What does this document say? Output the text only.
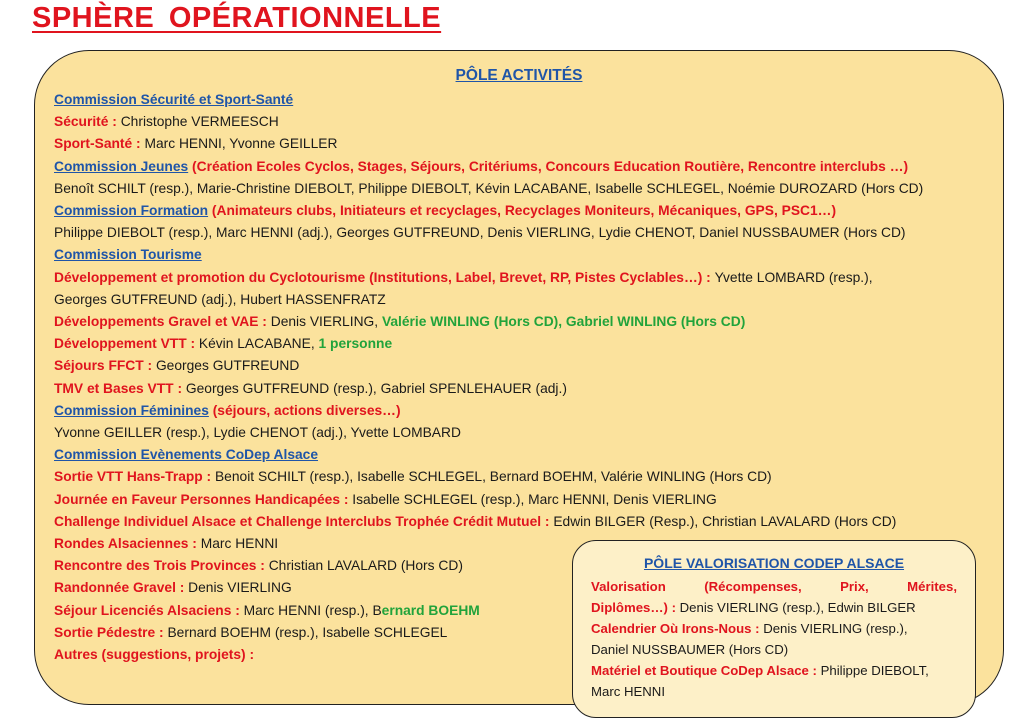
SPHÈRE OPÉRATIONNELLE
PÔLE ACTIVITÉS
Commission Sécurité et Sport-Santé
Sécurité : Christophe VERMEESCH
Sport-Santé : Marc HENNI, Yvonne GEILLER
Commission Jeunes (Création Ecoles Cyclos, Stages, Séjours, Critériums, Concours Education Routière, Rencontre interclubs …)
Benoît SCHILT (resp.), Marie-Christine DIEBOLT, Philippe DIEBOLT, Kévin LACABANE, Isabelle SCHLEGEL, Noémie DUROZARD (Hors CD)
Commission Formation (Animateurs clubs, Initiateurs et recyclages, Recyclages Moniteurs, Mécaniques, GPS, PSC1…)
Philippe DIEBOLT (resp.), Marc HENNI (adj.), Georges GUTFREUND, Denis VIERLING, Lydie CHENOT, Daniel NUSSBAUMER (Hors CD)
Commission Tourisme
Développement et promotion du Cyclotourisme (Institutions, Label, Brevet, RP, Pistes Cyclables…) : Yvette LOMBARD (resp.),
Georges GUTFREUND (adj.), Hubert HASSENFRATZ
Développements Gravel et VAE : Denis VIERLING, Valérie WINLING (Hors CD), Gabriel WINLING (Hors CD)
Développement VTT : Kévin LACABANE, 1 personne
Séjours FFCT : Georges GUTFREUND
TMV et Bases VTT : Georges GUTFREUND (resp.), Gabriel SPENLEHAUER (adj.)
Commission Féminines (séjours, actions diverses…)
Yvonne GEILLER (resp.), Lydie CHENOT (adj.), Yvette LOMBARD
Commission Evènements CoDep Alsace
Sortie VTT Hans-Trapp : Benoit SCHILT (resp.), Isabelle SCHLEGEL, Bernard BOEHM, Valérie WINLING (Hors CD)
Journée en Faveur Personnes Handicapées : Isabelle SCHLEGEL (resp.), Marc HENNI, Denis VIERLING
Challenge Individuel Alsace et Challenge Interclubs Trophée Crédit Mutuel : Edwin BILGER (Resp.), Christian LAVALARD (Hors CD)
Rondes Alsaciennes : Marc HENNI
Rencontre des Trois Provinces : Christian LAVALARD (Hors CD)
Randonnée Gravel : Denis VIERLING
Séjour Licenciés Alsaciens : Marc HENNI (resp.), Bernard BOEHM
Sortie Pédestre : Bernard BOEHM (resp.), Isabelle SCHLEGEL
Autres (suggestions, projets) :
PÔLE VALORISATION CODEP ALSACE
Valorisation	(Récompenses,	Prix,	Mérites,
Diplômes…) : Denis VIERLING (resp.), Edwin BILGER
Calendrier Où Irons-Nous : Denis VIERLING (resp.),
Daniel NUSSBAUMER (Hors CD)
Matériel et Boutique CoDep Alsace : Philippe DIEBOLT,
Marc HENNI
